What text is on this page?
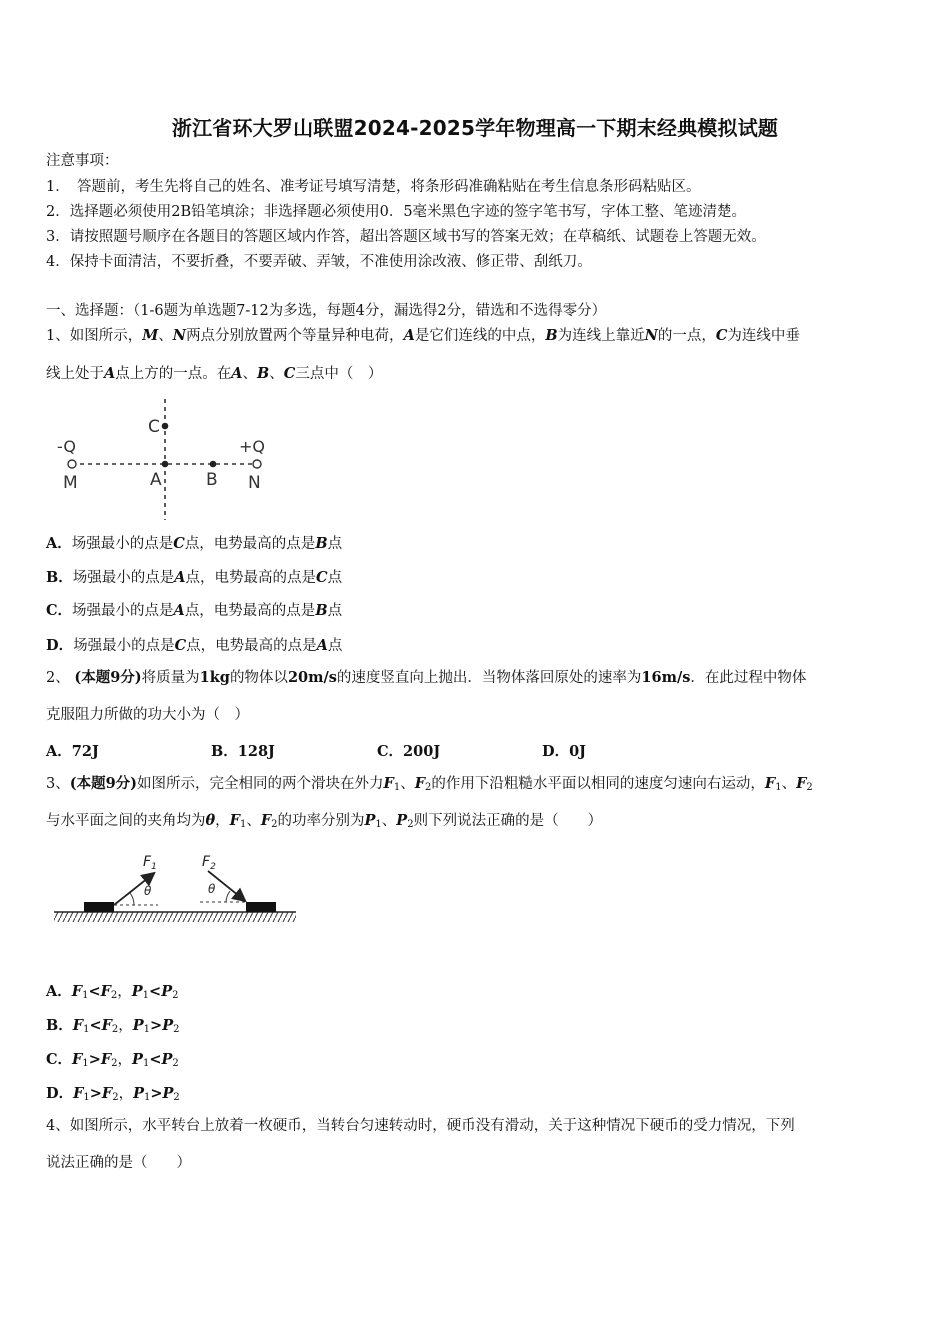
浙江省环大罗山联盟2024-2025学年物理高一下期末经典模拟试题
注意事项：
1．　答题前，考生先将自己的姓名、准考证号填写清楚，将条形码准确粘贴在考生信息条形码粘贴区。
2．选择题必须使用2B铅笔填涂；非选择题必须使用0．5毫米黑色字迹的签字笔书写，字体工整、笔迹清楚。
3．请按照题号顺序在各题目的答题区域内作答，超出答题区域书写的答案无效；在草稿纸、试题卷上答题无效。
4．保持卡面清洁，不要折叠，不要弄破、弄皱，不准使用涂改液、修正带、刮纸刀。
一、选择题：（1-6题为单选题7-12为多选，每题4分，漏选得2分，错选和不选得零分）
1、如图所示，M、N两点分别放置两个等量异种电荷，A是它们连线的中点，B为连线上靠近N的一点，C为连线中垂
线上处于A点上方的一点。在A、B、C三点中（　）
C
-Q	+Q
M	A	B N
A．场强最小的点是C点，电势最高的点是B点
B．场强最小的点是A点，电势最高的点是C点
C．场强最小的点是A点，电势最高的点是B点
D．场强最小的点是C点，电势最高的点是A点
2、 (本题9分)将质量为1kg的物体以20m/s的速度竖直向上抛出．当物体落回原处的速率为16m/s．在此过程中物体
克服阻力所做的功大小为（　）
A．72J	B．128J	C．200J	D．0J
3、(本题9分)如图所示，完全相同的两个滑块在外力$F_1$、$F_2$的作用下沿粗糙水平面以相同的速度匀速向右运动，$F_1$、$F_2$
与水平面之间的夹角均为θ，$F_1$、$F_2$的功率分别为$P_1$、$P_2$则下列说法正确的是（　　）
$F_1$	$F_2$
θ	θ
A．$F_1<F_2$，$P_1<P_2$
B．$F_1<F_2$，$P_1>P_2$
C．$F_1>F_2$，$P_1<P_2$
D．$F_1>F_2$，$P_1>P_2$
4、如图所示，水平转台上放着一枚硬币，当转台匀速转动时，硬币没有滑动，关于这种情况下硬币的受力情况，下列
说法正确的是（　　）
